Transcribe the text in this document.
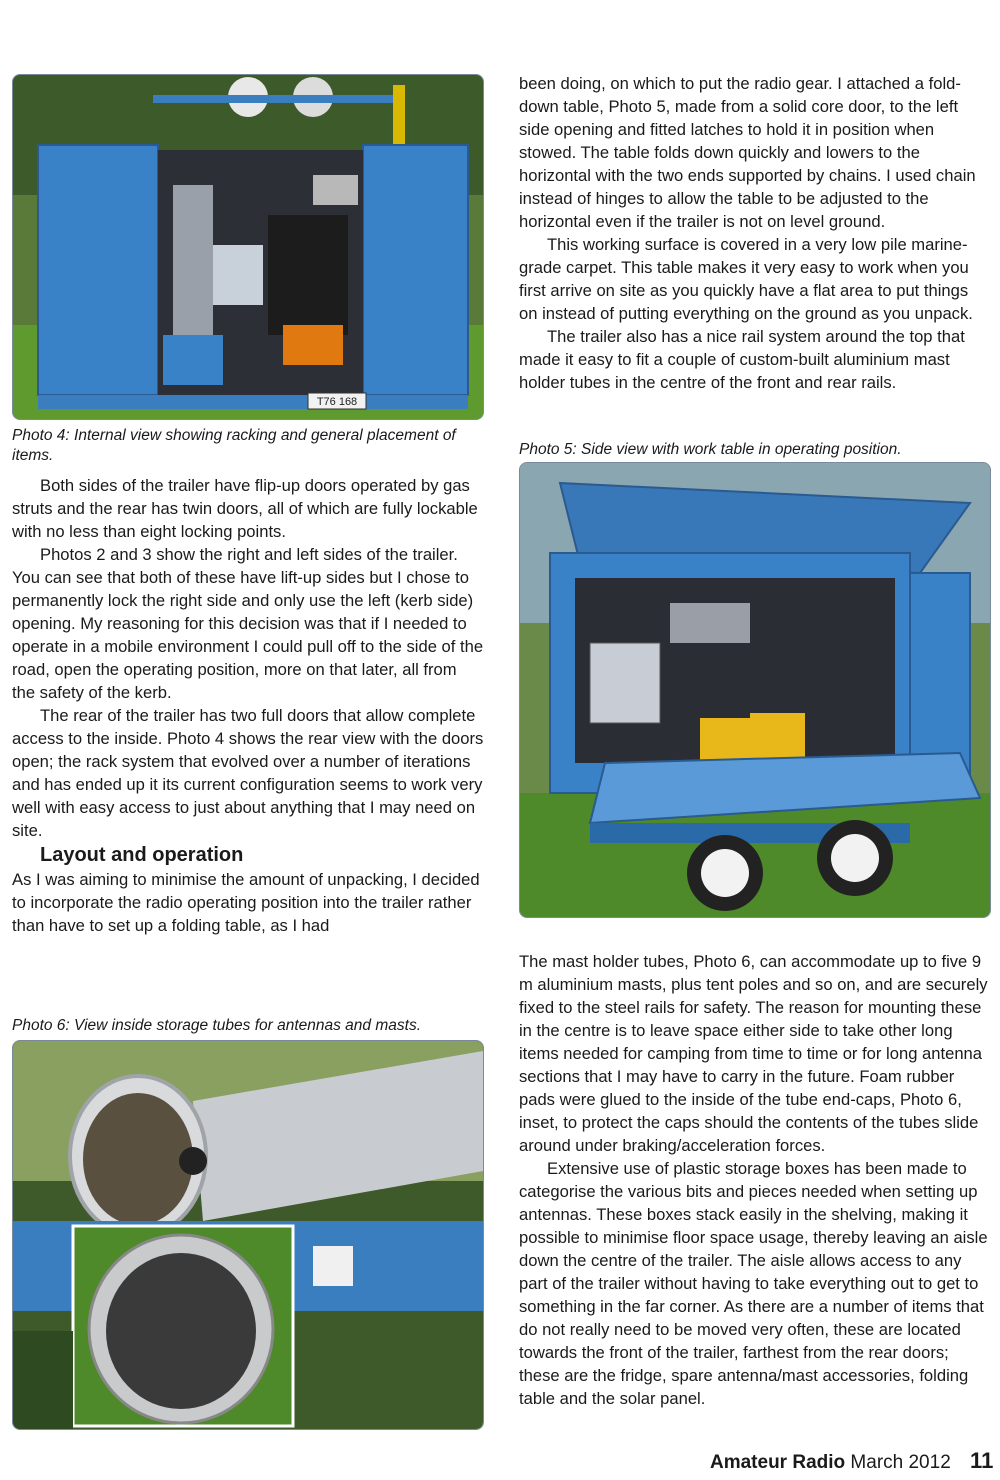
T76 168
Photo 4: Internal view showing racking and general placement of items.

Both sides of the trailer have flip-up doors operated by gas struts and the rear has twin doors, all of which are fully lockable with no less than eight locking points.

Photos 2 and 3 show the right and left sides of the trailer. You can see that both of these have lift-up sides but I chose to permanently lock the right side and only use the left (kerb side) opening. My reasoning for this decision was that if I needed to operate in a mobile environment I could pull off to the side of the road, open the operating position, more on that later, all from the safety of the kerb.

The rear of the trailer has two full doors that allow complete access to the inside. Photo 4 shows the rear view with the doors open; the rack system that evolved over a number of iterations and has ended up it its current configuration seems to work very well with easy access to just about anything that I may need on site.

Layout and operation

As I was aiming to minimise the amount of unpacking, I decided to incorporate the radio operating position into the trailer rather than have to set up a folding table, as I had

been doing, on which to put the radio gear. I attached a fold-down table, Photo 5, made from a solid core door, to the left side opening and fitted latches to hold it in position when stowed. The table folds down quickly and lowers to the horizontal with the two ends supported by chains. I used chain instead of hinges to allow the table to be adjusted to the horizontal even if the trailer is not on level ground.

This working surface is covered in a very low pile marine-grade carpet. This table makes it very easy to work when you first arrive on site as you quickly have a flat area to put things on instead of putting everything on the ground as you unpack.

The trailer also has a nice rail system around the top that made it easy to fit a couple of custom-built aluminium mast holder tubes in the centre of the front and rear rails.

Photo 5: Side view with work table in operating position.

The mast holder tubes, Photo 6, can accommodate up to five 9 m aluminium masts, plus tent poles and so on, and are securely fixed to the steel rails for safety. The reason for mounting these in the centre is to leave space either side to take other long items needed for camping from time to time or for long antenna sections that I may have to carry in the future. Foam rubber pads were glued to the inside of the tube end-caps, Photo 6, inset, to protect the caps should the contents of the tubes slide around under braking/acceleration forces.

Extensive use of plastic storage boxes has been made to categorise the various bits and pieces needed when setting up antennas. These boxes stack easily in the shelving, making it possible to minimise floor space usage, thereby leaving an aisle down the centre of the trailer. The aisle allows access to any part of the trailer without having to take everything out to get to something in the far corner. As there are a number of items that do not really need to be moved very often, these are located towards the front of the trailer, farthest from the rear doors; these are the fridge, spare antenna/mast accessories, folding table and the solar panel.

Photo 6: View inside storage tubes for antennas and masts.
Amateur Radio March 2012 11
